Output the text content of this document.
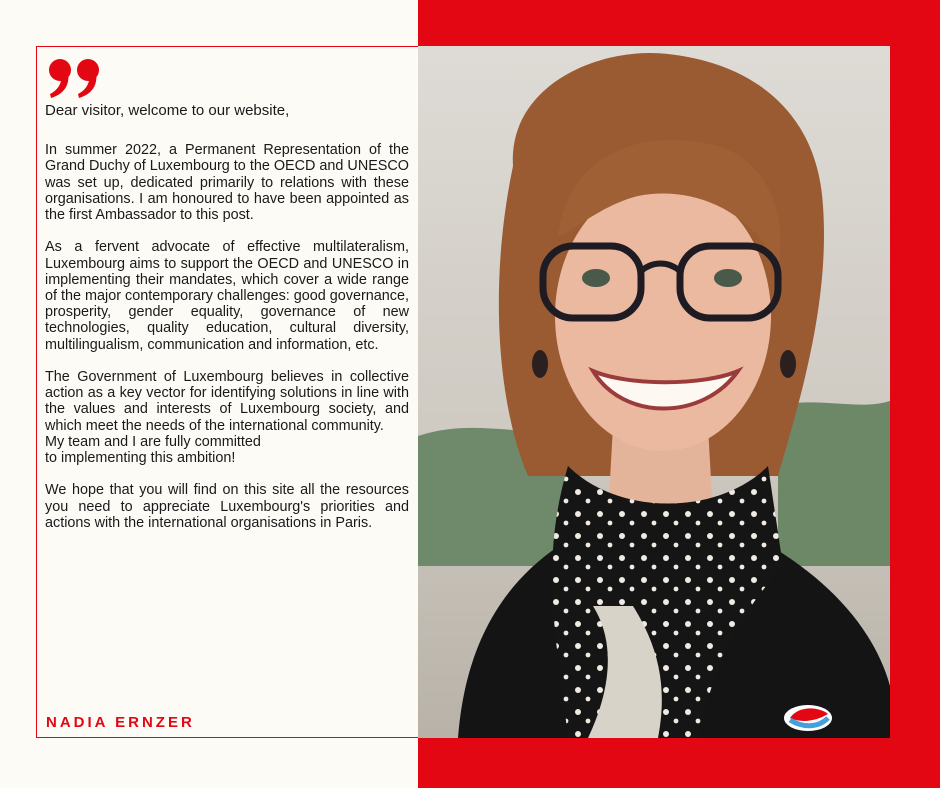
Dear visitor, welcome to our website,

In summer 2022, a Permanent Representation of the Grand Duchy of Luxembourg to the OECD and UNESCO was set up, dedicated primarily to relations with these organisations. I am honoured to have been appointed as the first Ambassador to this post.

As a fervent advocate of effective multilateralism, Luxembourg aims to support the OECD and UNESCO in implementing their mandates, which cover a wide range of the major contemporary challenges: good governance, prosperity, gender equality, governance of new technologies, quality education, cultural diversity, multilingualism, communication and information, etc.

The Government of Luxembourg believes in collective action as a key vector for identifying solutions in line with the values and interests of Luxembourg society, and which meet the needs of the international community.

My team and I are fully committed
to implementing this ambition!

We hope that you will find on this site all the resources you need to appreciate Luxembourg's priorities and actions with the international organisations in Paris.

NADIA ERNZER
